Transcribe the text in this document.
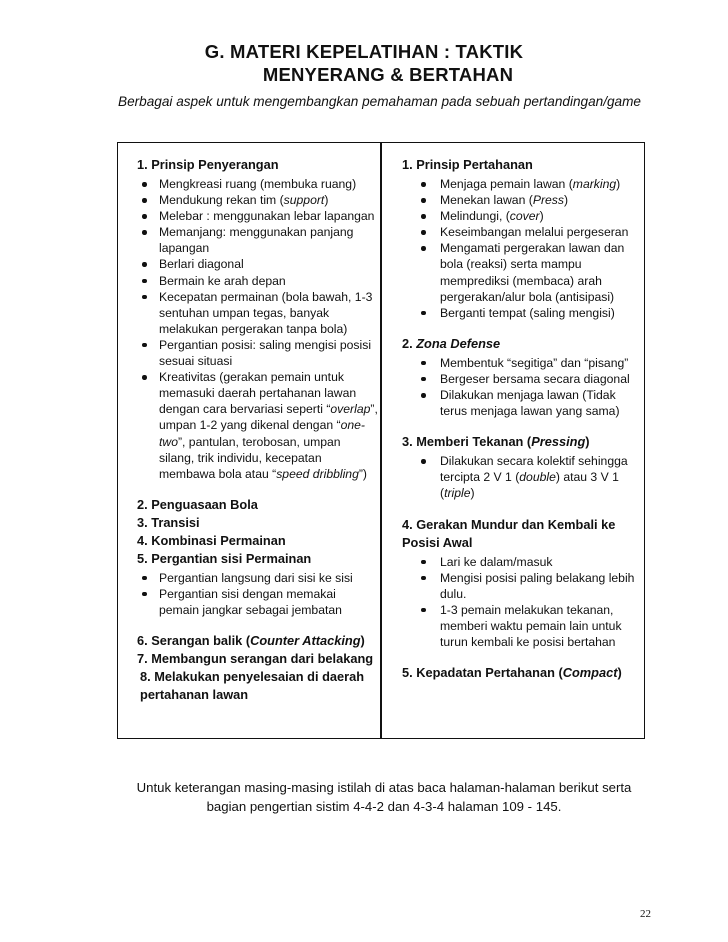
G. MATERI KEPELATIHAN : TAKTIK
MENYERANG & BERTAHAN
Berbagai aspek untuk mengembangkan pemahaman pada sebuah pertandingan/game
1. Prinsip Penyerangan
Mengkreasi ruang (membuka ruang)
Mendukung rekan tim (support)
Melebar : menggunakan lebar lapangan
Memanjang: menggunakan panjang lapangan
Berlari diagonal
Bermain ke arah depan
Kecepatan permainan (bola bawah, 1-3 sentuhan umpan tegas, banyak melakukan pergerakan tanpa bola)
Pergantian posisi: saling mengisi posisi sesuai situasi
Kreativitas (gerakan pemain untuk memasuki daerah pertahanan lawan dengan cara bervariasi seperti “overlap”, umpan 1-2 yang dikenal dengan “one-two”, pantulan, terobosan, umpan silang, trik individu, kecepatan membawa bola atau “speed dribbling”)
2. Penguasaan Bola
3. Transisi
4. Kombinasi Permainan
5. Pergantian sisi Permainan
Pergantian langsung dari sisi ke sisi
Pergantian sisi dengan memakai pemain jangkar sebagai jembatan
6. Serangan balik (Counter Attacking)
7. Membangun serangan dari belakang
8. Melakukan penyelesaian di daerah pertahanan lawan
1. Prinsip Pertahanan
Menjaga pemain lawan (marking)
Menekan lawan (Press)
Melindungi, (cover)
Keseimbangan melalui pergeseran
Mengamati pergerakan lawan dan bola (reaksi) serta mampu memprediksi (membaca) arah pergerakan/alur bola (antisipasi)
Berganti tempat (saling mengisi)
2. Zona Defense
Membentuk “segitiga” dan “pisang”
Bergeser bersama secara diagonal
Dilakukan menjaga lawan (Tidak terus menjaga lawan yang sama)
3. Memberi Tekanan (Pressing)
Dilakukan secara kolektif sehingga tercipta 2 V 1 (double) atau 3 V 1 (triple)
4. Gerakan Mundur dan Kembali ke Posisi Awal
Lari ke dalam/masuk
Mengisi posisi paling belakang lebih dulu.
1-3 pemain melakukan tekanan, memberi waktu pemain lain untuk turun kembali ke posisi bertahan
5. Kepadatan Pertahanan (Compact)
Untuk keterangan masing-masing istilah di atas baca halaman-halaman berikut serta bagian pengertian sistim 4-4-2 dan 4-3-4 halaman 109 - 145.
22
